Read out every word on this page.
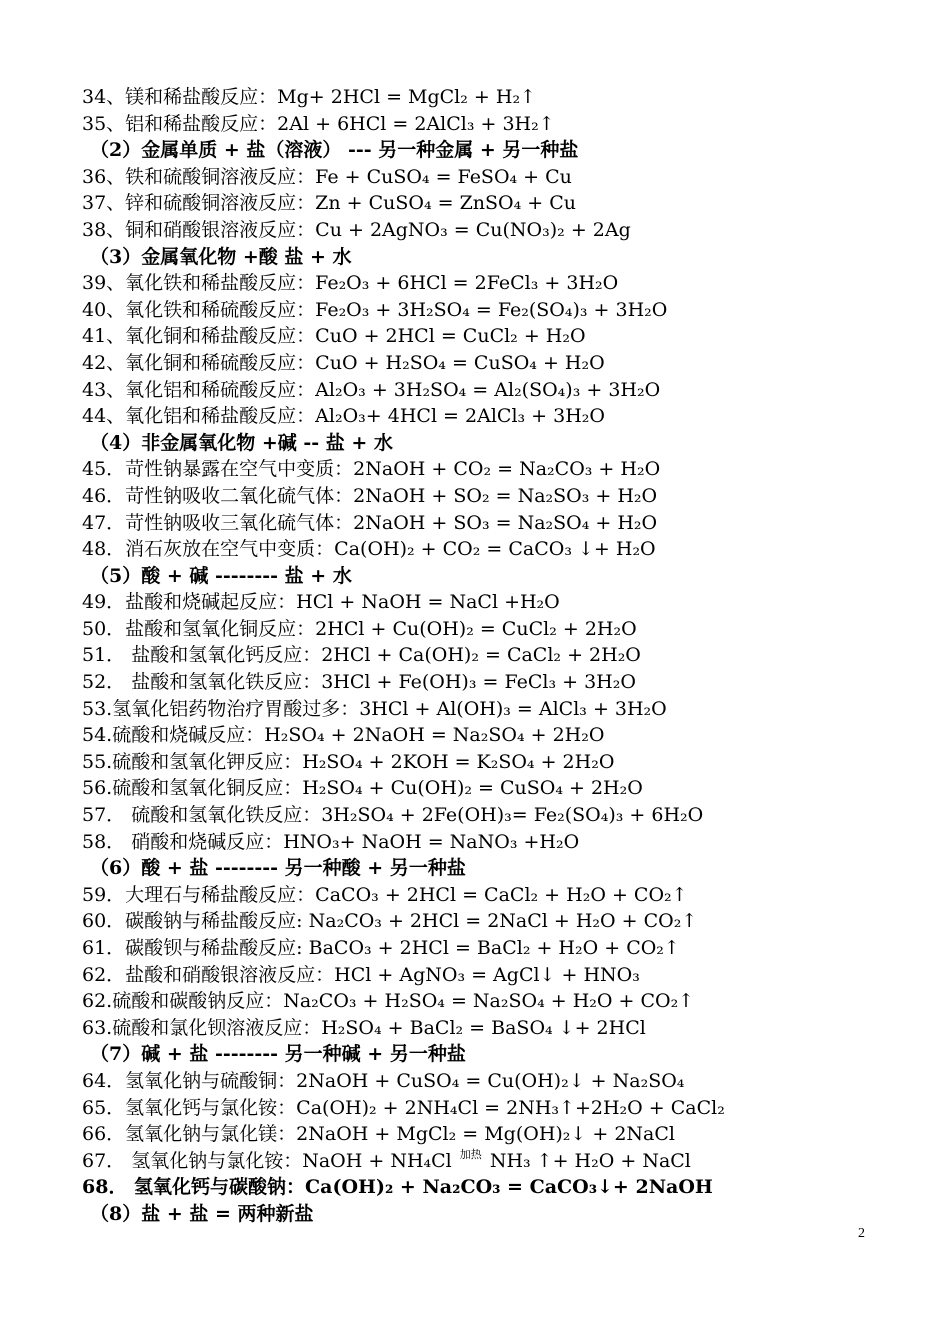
34、镁和稀盐酸反应：Mg+ 2HCl = MgCl₂ + H₂↑
35、铝和稀盐酸反应：2Al + 6HCl = 2AlCl₃ + 3H₂↑
（2）金属单质 + 盐（溶液） --- 另一种金属 + 另一种盐
36、铁和硫酸铜溶液反应：Fe + CuSO₄ = FeSO₄ + Cu
37、锌和硫酸铜溶液反应：Zn + CuSO₄ = ZnSO₄ + Cu
38、铜和硝酸银溶液反应：Cu + 2AgNO₃ = Cu(NO₃)₂ + 2Ag
（3）金属氧化物 +酸 盐 + 水
39、氧化铁和稀盐酸反应：Fe₂O₃ + 6HCl = 2FeCl₃ + 3H₂O
40、氧化铁和稀硫酸反应：Fe₂O₃ + 3H₂SO₄ = Fe₂(SO₄)₃ + 3H₂O
41、氧化铜和稀盐酸反应：CuO + 2HCl = CuCl₂ + H₂O
42、氧化铜和稀硫酸反应：CuO + H₂SO₄ = CuSO₄ + H₂O
43、氧化铝和稀硫酸反应：Al₂O₃ + 3H₂SO₄ = Al₂(SO₄)₃ + 3H₂O
44、氧化铝和稀盐酸反应：Al₂O₃+ 4HCl = 2AlCl₃ + 3H₂O
（4）非金属氧化物 +碱 -- 盐 + 水
45．苛性钠暴露在空气中变质：2NaOH + CO₂ = Na₂CO₃ + H₂O
46．苛性钠吸收二氧化硫气体：2NaOH + SO₂ = Na₂SO₃ + H₂O
47．苛性钠吸收三氧化硫气体：2NaOH + SO₃ = Na₂SO₄ + H₂O
48．消石灰放在空气中变质：Ca(OH)₂ + CO₂ = CaCO₃ ↓+ H₂O
（5）酸 + 碱 -------- 盐 + 水
49．盐酸和烧碱起反应：HCl + NaOH = NaCl +H₂O
50．盐酸和氢氧化铜反应：2HCl + Cu(OH)₂ = CuCl₂ + 2H₂O
51． 盐酸和氢氧化钙反应：2HCl + Ca(OH)₂ = CaCl₂ + 2H₂O
52． 盐酸和氢氧化铁反应：3HCl + Fe(OH)₃ = FeCl₃ + 3H₂O
53.氢氧化铝药物治疗胃酸过多：3HCl + Al(OH)₃ = AlCl₃ + 3H₂O
54.硫酸和烧碱反应：H₂SO₄ + 2NaOH = Na₂SO₄ + 2H₂O
55.硫酸和氢氧化钾反应：H₂SO₄ + 2KOH = K₂SO₄ + 2H₂O
56.硫酸和氢氧化铜反应：H₂SO₄ + Cu(OH)₂ = CuSO₄ + 2H₂O
57． 硫酸和氢氧化铁反应：3H₂SO₄ + 2Fe(OH)₃= Fe₂(SO₄)₃ + 6H₂O
58． 硝酸和烧碱反应：HNO₃+ NaOH = NaNO₃ +H₂O
（6）酸 + 盐 -------- 另一种酸 + 另一种盐
59．大理石与稀盐酸反应：CaCO₃ + 2HCl = CaCl₂ + H₂O + CO₂↑
60．碳酸钠与稀盐酸反应: Na₂CO₃ + 2HCl = 2NaCl + H₂O + CO₂↑
61．碳酸钡与稀盐酸反应: BaCO₃ + 2HCl = BaCl₂ + H₂O + CO₂↑
62．盐酸和硝酸银溶液反应：HCl + AgNO₃ = AgCl↓ + HNO₃
62.硫酸和碳酸钠反应：Na₂CO₃ + H₂SO₄ = Na₂SO₄ + H₂O + CO₂↑
63.硫酸和氯化钡溶液反应：H₂SO₄ + BaCl₂ = BaSO₄ ↓+ 2HCl
（7）碱 + 盐 -------- 另一种碱 + 另一种盐
64．氢氧化钠与硫酸铜：2NaOH + CuSO₄ = Cu(OH)₂↓ + Na₂SO₄
65．氢氧化钙与氯化铵：Ca(OH)₂ + 2NH₄Cl = 2NH₃↑+2H₂O + CaCl₂
66．氢氧化钠与氯化镁：2NaOH + MgCl₂ = Mg(OH)₂↓ + 2NaCl
67． 氢氧化钠与氯化铵：NaOH + NH₄Cl 加热 NH₃ ↑+ H₂O + NaCl
68． 氢氧化钙与碳酸钠：Ca(OH)₂ + Na₂CO₃ = CaCO₃↓+ 2NaOH
（8）盐 + 盐 = 两种新盐
2
